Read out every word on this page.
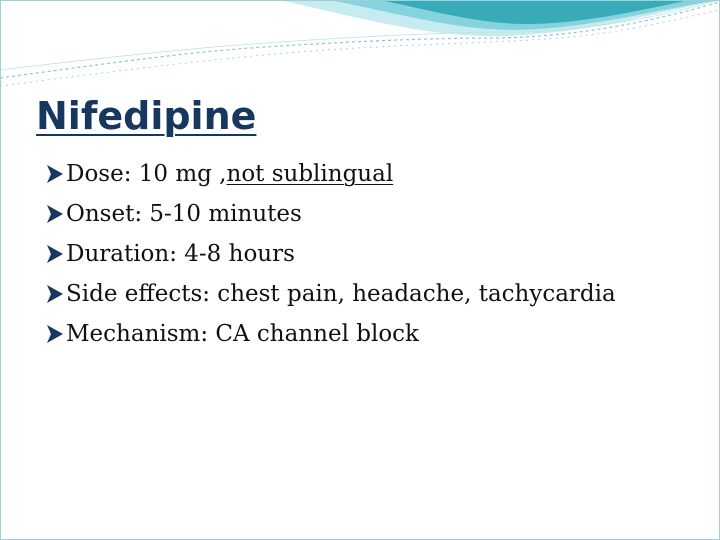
Nifedipine
Dose: 10 mg , not sublingual
Onset: 5-10 minutes
Duration: 4-8 hours
Side effects: chest pain, headache, tachycardia
Mechanism: CA channel block
